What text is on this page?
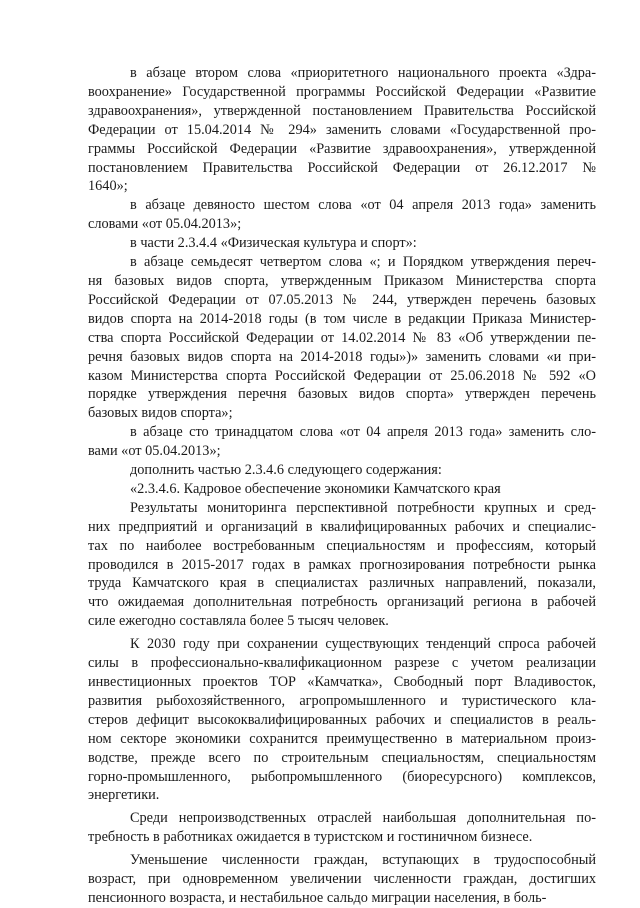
в абзаце втором слова «приоритетного национального проекта «Здра-
воохранение» Государственной программы Российской Федерации «Развитие
здравоохранения», утвержденной постановлением Правительства Российской
Федерации от 15.04.2014 № 294» заменить словами «Государственной про-
граммы Российской Федерации «Развитие здравоохранения», утвержденной
постановлением Правительства Российской Федерации от 26.12.2017 №
1640»;
в абзаце девяносто шестом слова «от 04 апреля 2013 года» заменить
словами «от 05.04.2013»;
в части 2.3.4.4 «Физическая культура и спорт»:
в абзаце семьдесят четвертом слова «; и Порядком утверждения переч-
ня базовых видов спорта, утвержденным Приказом Министерства спорта
Российской Федерации от 07.05.2013 № 244, утвержден перечень базовых
видов спорта на 2014-2018 годы (в том числе в редакции Приказа Министер-
ства спорта Российской Федерации от 14.02.2014 № 83 «Об утверждении пе-
речня базовых видов спорта на 2014-2018 годы»)» заменить словами «и при-
казом Министерства спорта Российской Федерации от 25.06.2018 № 592 «О
порядке утверждения перечня базовых видов спорта» утвержден перечень
базовых видов спорта»;
в абзаце сто тринадцатом слова «от 04 апреля 2013 года» заменить сло-
вами «от 05.04.2013»;
дополнить частью 2.3.4.6 следующего содержания:
«2.3.4.6. Кадровое обеспечение экономики Камчатского края
Результаты мониторинга перспективной потребности крупных и сред-
них предприятий и организаций в квалифицированных рабочих и специалис-
тах по наиболее востребованным специальностям и профессиям, который
проводился в 2015-2017 годах в рамках прогнозирования потребности рынка
труда Камчатского края в специалистах различных направлений, показали,
что ожидаемая дополнительная потребность организаций региона в рабочей
силе ежегодно составляла более 5 тысяч человек.
К 2030 году при сохранении существующих тенденций спроса рабочей
силы в профессионально-квалификационном разрезе с учетом реализации
инвестиционных проектов ТОР «Камчатка», Свободный порт Владивосток,
развития рыбохозяйственного, агропромышленного и туристического кла-
стеров дефицит высококвалифицированных рабочих и специалистов в реаль-
ном секторе экономики сохранится преимущественно в материальном произ-
водстве, прежде всего по строительным специальностям, специальностям
горно-промышленного, рыбопромышленного (биоресурсного) комплексов,
энергетики.
Среди непроизводственных отраслей наибольшая дополнительная по-
требность в работниках ожидается в туристском и гостиничном бизнесе.
Уменьшение численности граждан, вступающих в трудоспособный
возраст, при одновременном увеличении численности граждан, достигших
пенсионного возраста, и нестабильное сальдо миграции населения, в боль-
